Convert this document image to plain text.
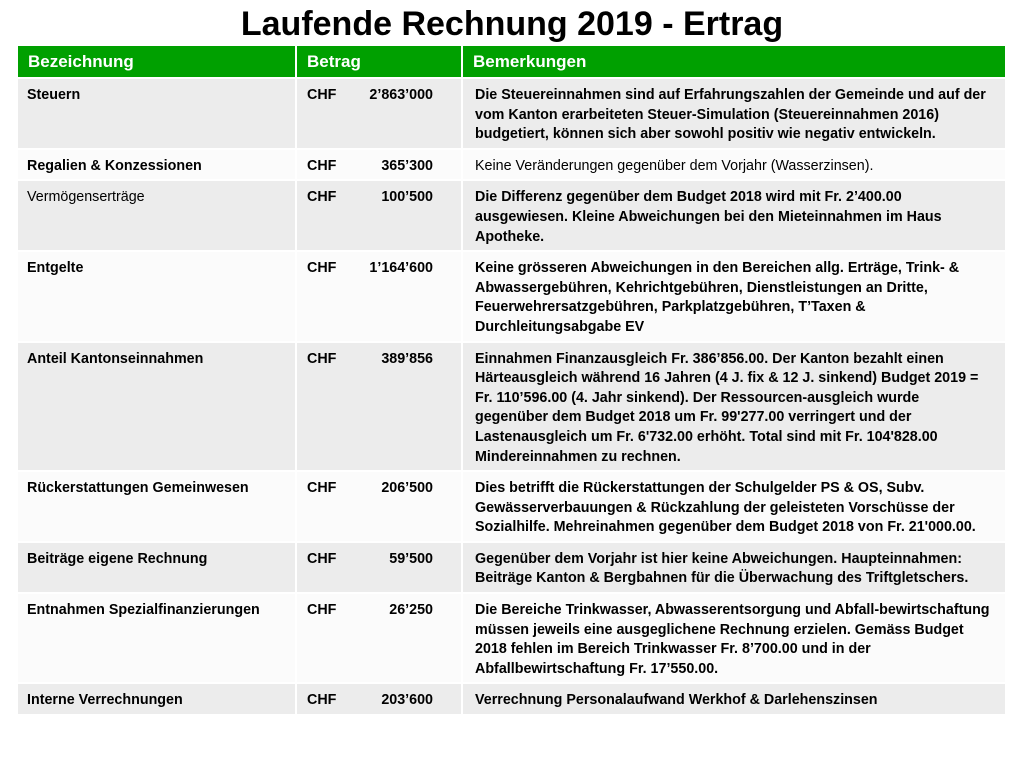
Laufende Rechnung 2019 - Ertrag
Bezeichnung	Betrag	Bemerkungen
Steuern	CHF 2’863’000	Die Steuereinnahmen sind auf Erfahrungszahlen der Gemeinde und auf der vom Kanton erarbeiteten Steuer-Simulation (Steuereinnahmen 2016) budgetiert, können sich aber sowohl positiv wie negativ entwickeln.
Regalien & Konzessionen	CHF 365’300	Keine Veränderungen gegenüber dem Vorjahr (Wasserzinsen).
Vermögenserträge	CHF 100’500	Die Differenz gegenüber dem Budget 2018 wird mit Fr. 2’400.00 ausgewiesen. Kleine Abweichungen bei den Mieteinnahmen im Haus Apotheke.
Entgelte	CHF 1’164’600	Keine grösseren Abweichungen in den Bereichen allg. Erträge, Trink- & Abwassergebühren, Kehrichtgebühren, Dienstleistungen an Dritte, Feuerwehrersatzgebühren, Parkplatzgebühren, T’Taxen & Durchleitungsabgabe EV
Anteil Kantonseinnahmen	CHF 389’856	Einnahmen Finanzausgleich Fr. 386’856.00. Der Kanton bezahlt einen Härteausgleich während 16 Jahren (4 J. fix & 12 J. sinkend) Budget 2019 = Fr. 110’596.00 (4. Jahr sinkend). Der Ressourcen-ausgleich wurde gegenüber dem Budget 2018 um Fr. 99'277.00 verringert und der Lastenausgleich um Fr. 6'732.00 erhöht. Total sind mit Fr. 104'828.00 Mindereinnahmen zu rechnen.
Rückerstattungen Gemeinwesen	CHF 206’500	Dies betrifft die Rückerstattungen der Schulgelder PS & OS, Subv. Gewässerverbauungen & Rückzahlung der geleisteten Vorschüsse der Sozialhilfe. Mehreinahmen gegenüber dem Budget 2018 von Fr. 21'000.00.
Beiträge eigene Rechnung	CHF 59’500	Gegenüber dem Vorjahr ist hier keine Abweichungen. Haupteinnahmen: Beiträge Kanton & Bergbahnen für die Überwachung des Triftgletschers.
Entnahmen Spezialfinanzierungen	CHF 26’250	Die Bereiche Trinkwasser, Abwasserentsorgung und Abfall-bewirtschaftung müssen jeweils eine ausgeglichene Rechnung erzielen. Gemäss Budget 2018 fehlen im Bereich Trinkwasser Fr. 8’700.00 und in der Abfallbewirtschaftung Fr. 17’550.00.
Interne Verrechnungen	CHF 203’600	Verrechnung Personalaufwand Werkhof & Darlehenszinsen
